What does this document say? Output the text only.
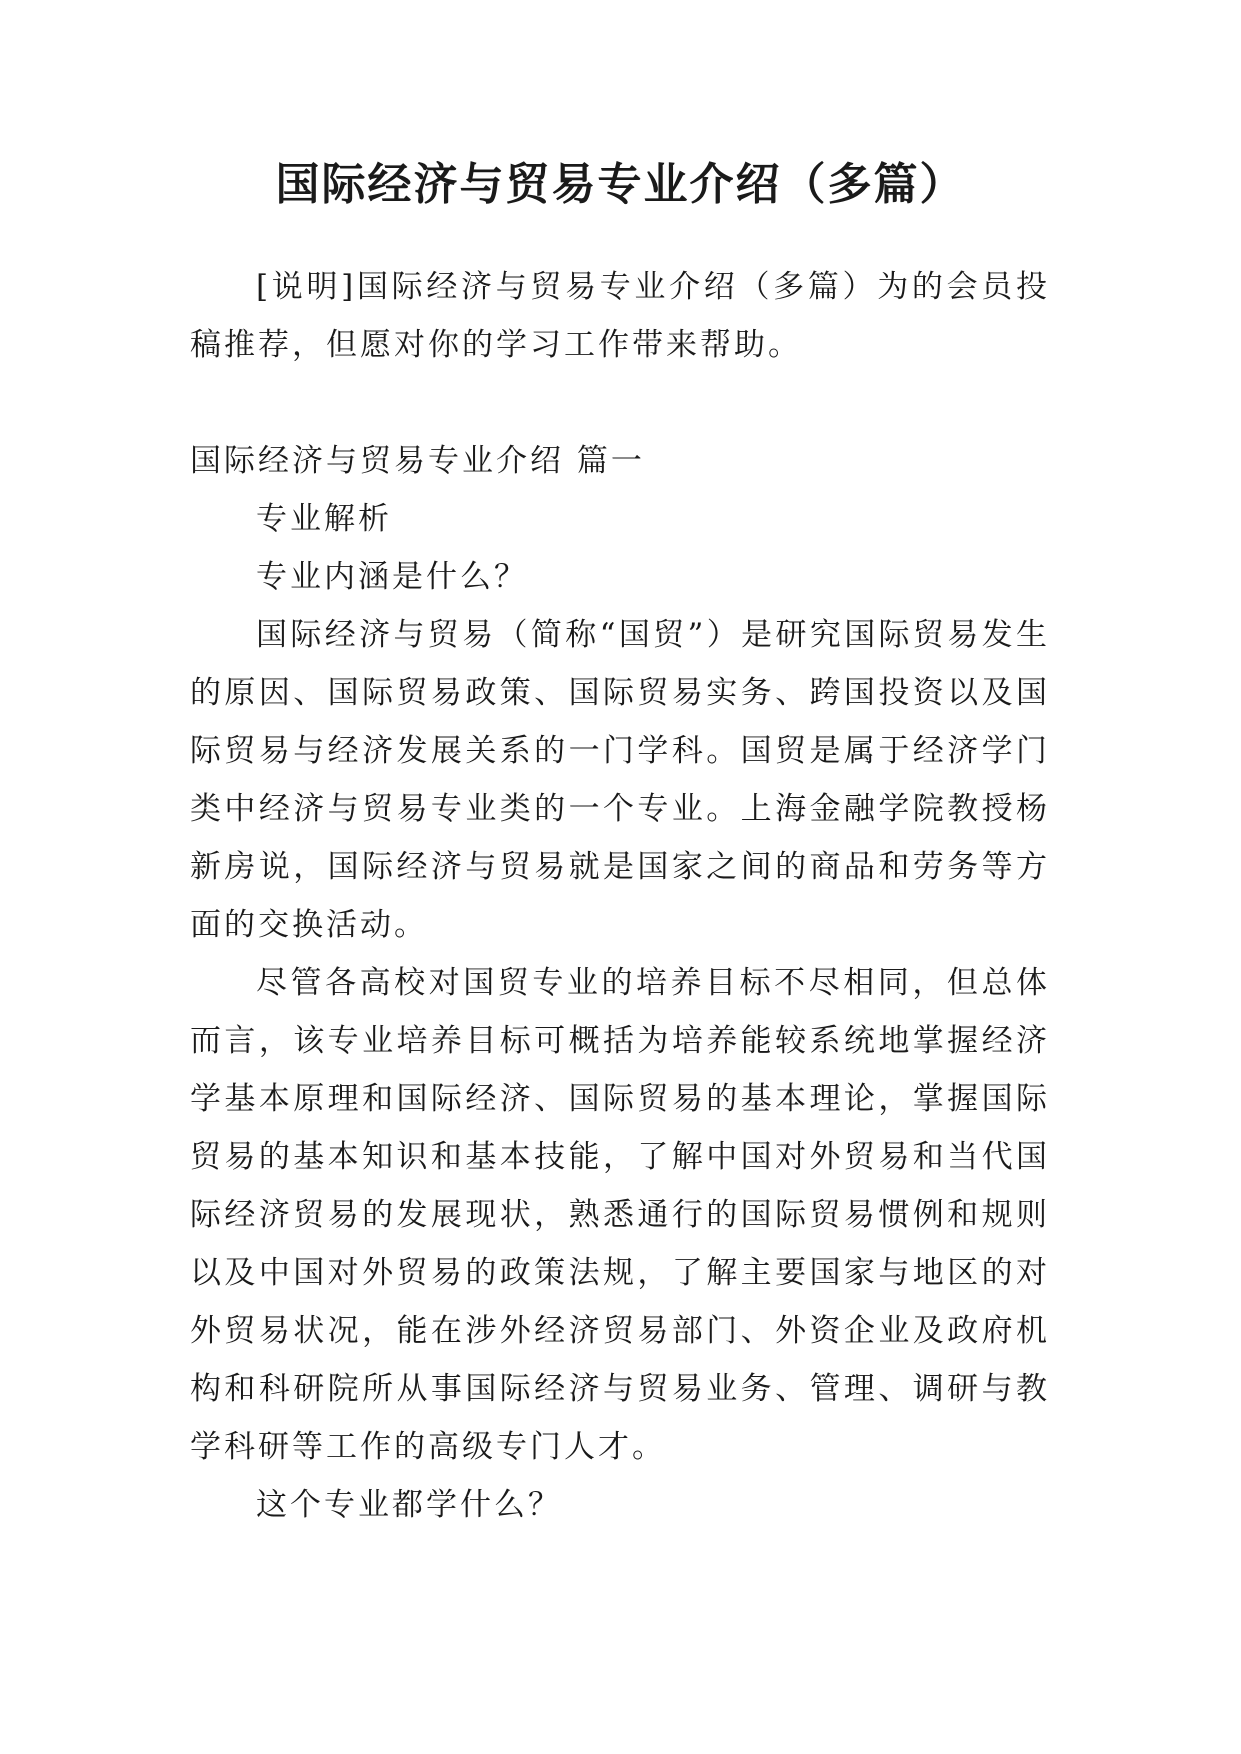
国际经济与贸易专业介绍（多篇）

[说明]国际经济与贸易专业介绍（多篇）为的会员投稿推荐，但愿对你的学习工作带来帮助。

国际经济与贸易专业介绍 篇一

专业解析

专业内涵是什么？

国际经济与贸易（简称“国贸”）是研究国际贸易发生的原因、国际贸易政策、国际贸易实务、跨国投资以及国际贸易与经济发展关系的一门学科。国贸是属于经济学门类中经济与贸易专业类的一个专业。上海金融学院教授杨新房说，国际经济与贸易就是国家之间的商品和劳务等方面的交换活动。

尽管各高校对国贸专业的培养目标不尽相同，但总体而言，该专业培养目标可概括为培养能较系统地掌握经济学基本原理和国际经济、国际贸易的基本理论，掌握国际贸易的基本知识和基本技能，了解中国对外贸易和当代国际经济贸易的发展现状，熟悉通行的国际贸易惯例和规则以及中国对外贸易的政策法规，了解主要国家与地区的对外贸易状况，能在涉外经济贸易部门、外资企业及政府机构和科研院所从事国际经济与贸易业务、管理、调研与教学科研等工作的高级专门人才。

这个专业都学什么？
